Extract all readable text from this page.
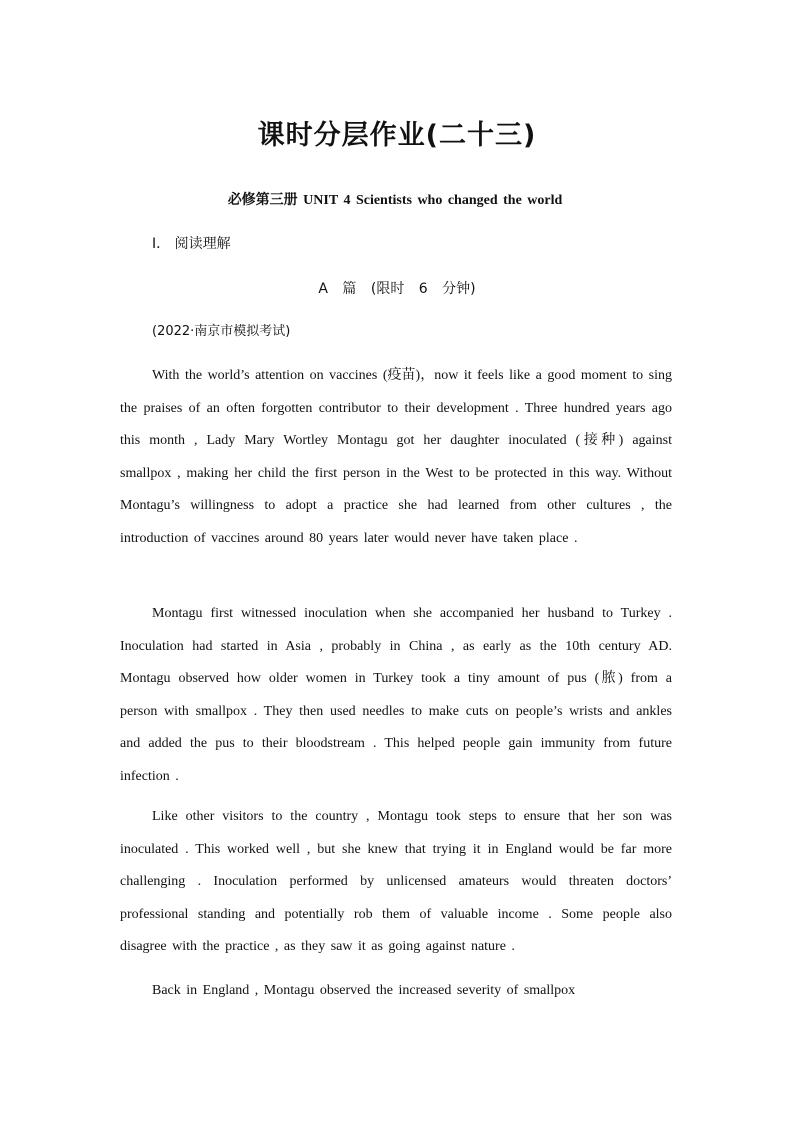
课时分层作业(二十三)
必修第三册 UNIT 4 Scientists who changed the world
Ⅰ． 阅读理解
A 篇 (限时 6 分钟)
(2022·南京市模拟考试)

With the world’s attention on vaccines (疫苗)，now it feels like a good moment to sing the praises of an often forgotten contributor to their development . Three hundred years ago this month , Lady Mary Wortley Montagu got her daughter inoculated (接种) against smallpox , making her child the first person in the West to be protected in this way. Without Montagu’s willingness to adopt a practice she had learned from other cultures , the introduction of vaccines around 80 years later would never have taken place .

Montagu first witnessed inoculation when she accompanied her husband to Turkey . Inoculation had started in Asia , probably in China , as early as the 10th century AD. Montagu observed how older women in Turkey took a tiny amount of pus (脓) from a person with smallpox . They then used needles to make cuts on people’s wrists and ankles and added the pus to their bloodstream . This helped people gain immunity from future infection .

Like other visitors to the country , Montagu took steps to ensure that her son was inoculated . This worked well , but she knew that trying it in England would be far more challenging . Inoculation performed by unlicensed amateurs would threaten doctors’ professional standing and potentially rob them of valuable income . Some people also disagree with the practice , as they saw it as going against nature .

Back in England , Montagu observed the increased severity of smallpox
